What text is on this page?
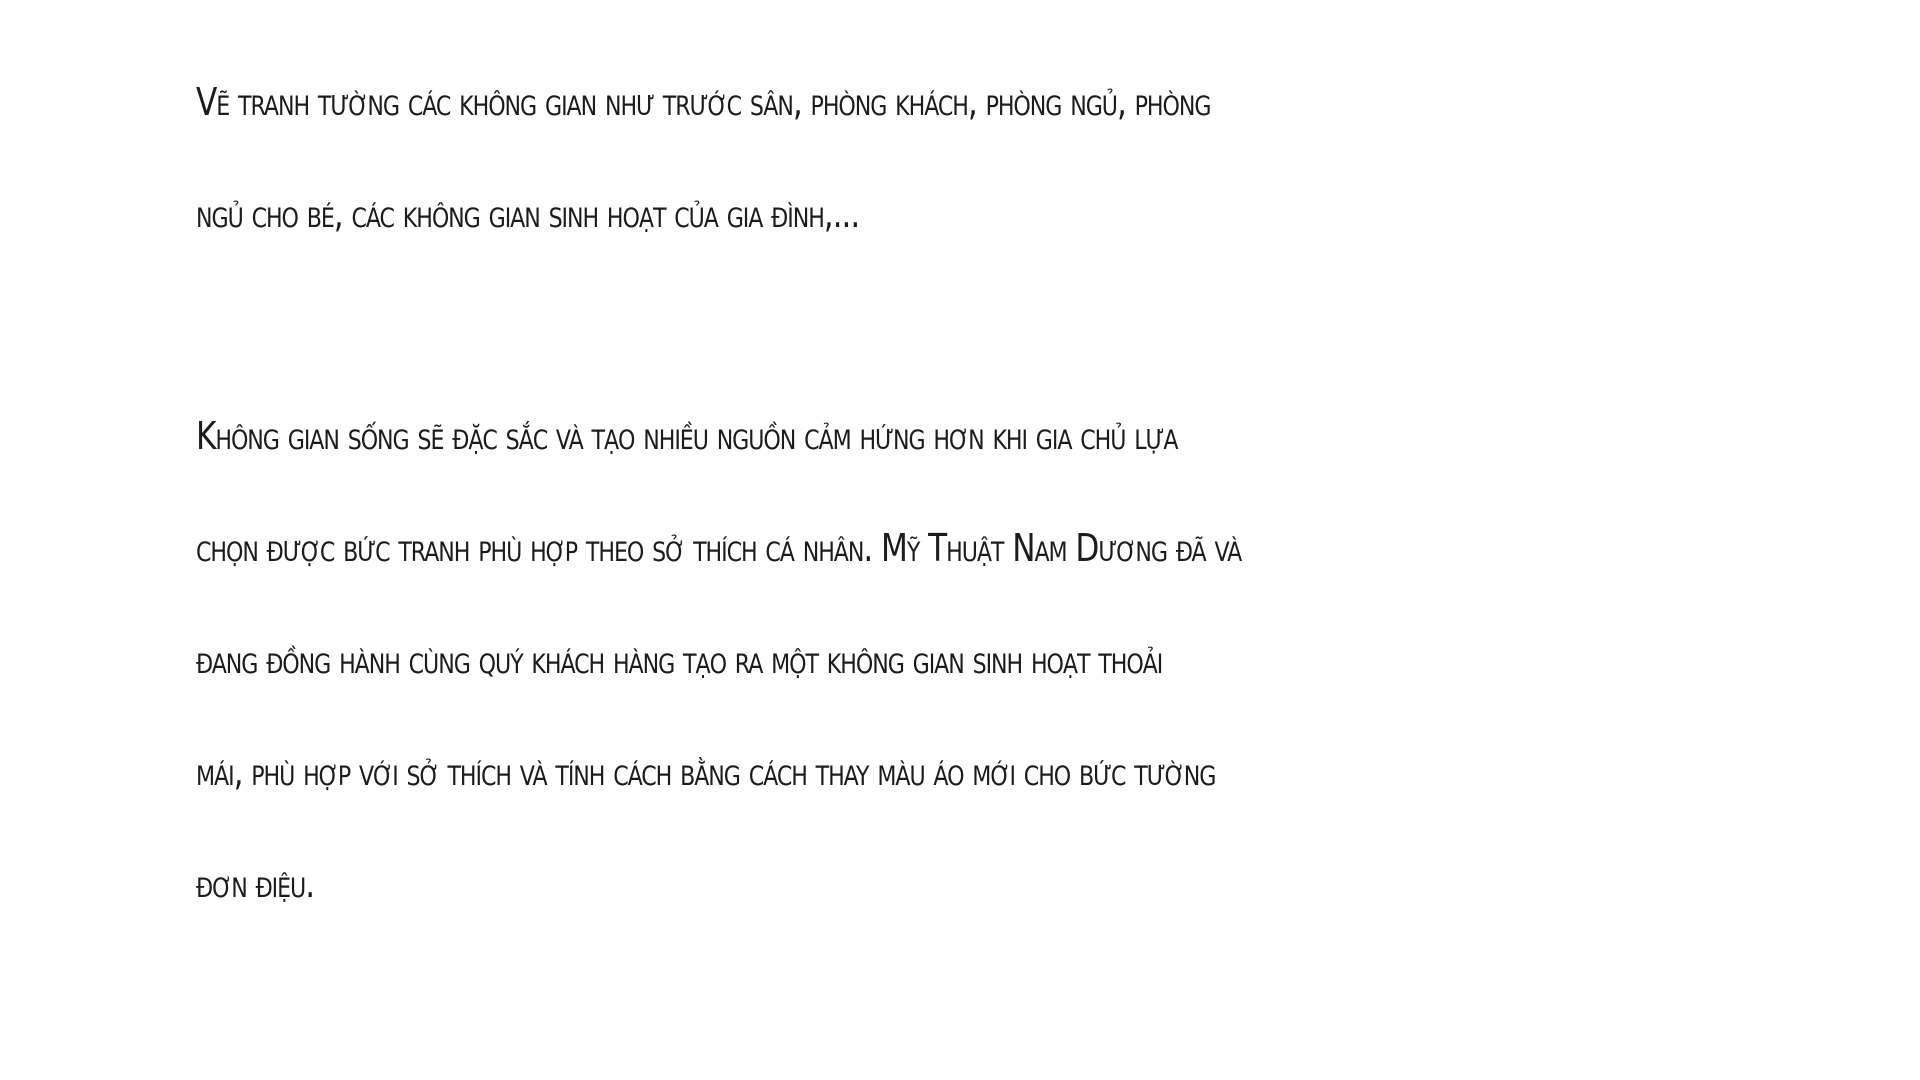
Vẽ tranh tường các không gian như trước sân, phòng khách, phòng ngủ, phòng
ngủ cho bé, các không gian sinh hoạt của gia đình,...
Không gian sống sẽ đặc sắc và tạo nhiều nguồn cảm hứng hơn khi gia chủ lựa
chọn được bức tranh phù hợp theo sở thích cá nhân. Mỹ Thuật Nam Dương đã và
đang đồng hành cùng quý khách hàng tạo ra một không gian sinh hoạt thoải
mái, phù hợp với sở thích và tính cách bằng cách thay màu áo mới cho bức tường
đơn điệu.
